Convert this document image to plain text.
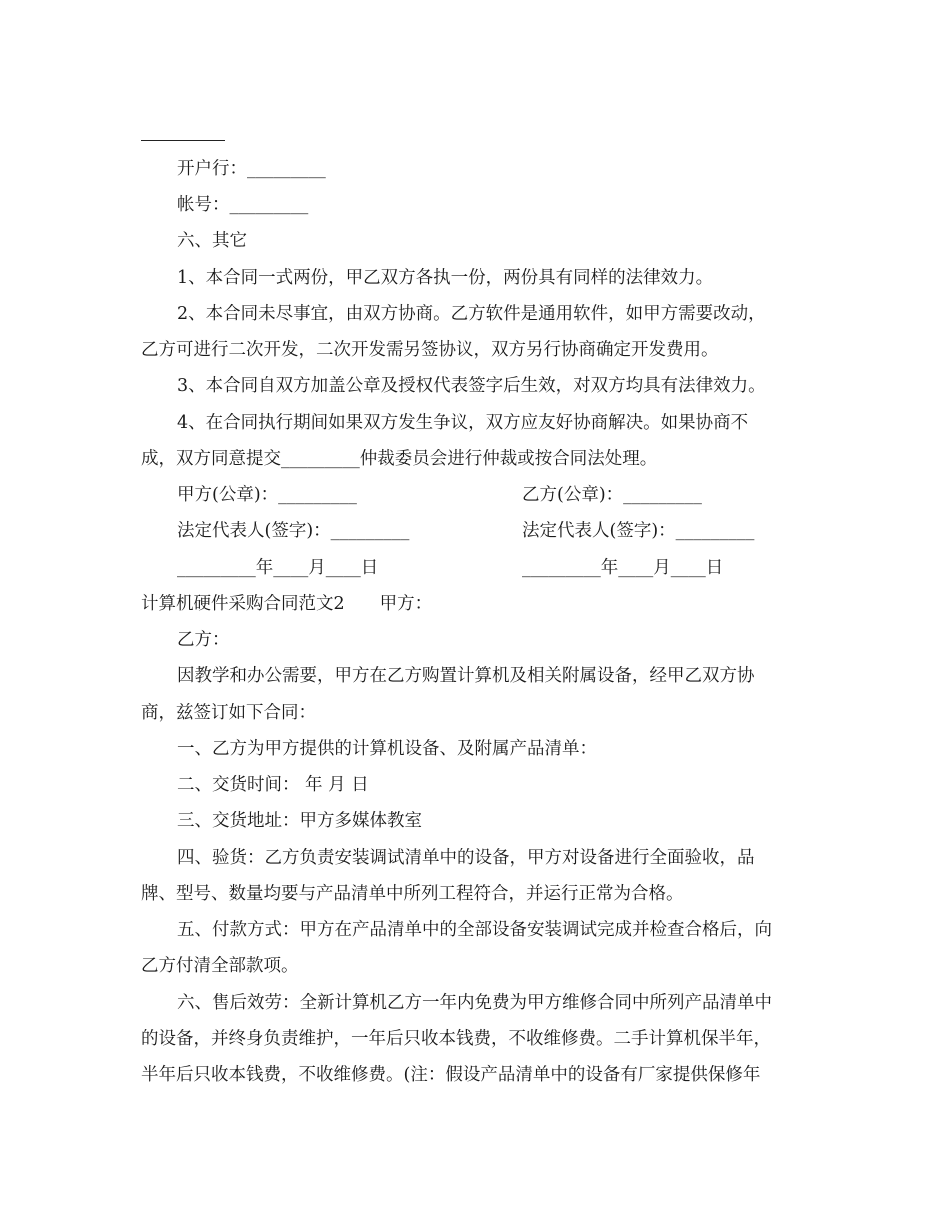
开户行：_________
帐号：_________
六、其它
1、本合同一式两份，甲乙双方各执一份，两份具有同样的法律效力。
2、本合同未尽事宜，由双方协商。乙方软件是通用软件，如甲方需要改动，
乙方可进行二次开发，二次开发需另签协议，双方另行协商确定开发费用。
3、本合同自双方加盖公章及授权代表签字后生效，对双方均具有法律效力。
4、在合同执行期间如果双方发生争议，双方应友好协商解决。如果协商不
成，双方同意提交_________仲裁委员会进行仲裁或按合同法处理。
甲方(公章)：_________	乙方(公章)：_________
法定代表人(签字)：_________	法定代表人(签字)：_________
_________年____月____日	_________年____月____日
计算机硬件采购合同范文2　　甲方：
乙方：
因教学和办公需要，甲方在乙方购置计算机及相关附属设备，经甲乙双方协
商，兹签订如下合同：
一、乙方为甲方提供的计算机设备、及附属产品清单：
二、交货时间： 年 月 日
三、交货地址：甲方多媒体教室
四、验货：乙方负责安装调试清单中的设备，甲方对设备进行全面验收，品
牌、型号、数量均要与产品清单中所列工程符合，并运行正常为合格。
五、付款方式：甲方在产品清单中的全部设备安装调试完成并检查合格后，向
乙方付清全部款项。
六、售后效劳：全新计算机乙方一年内免费为甲方维修合同中所列产品清单中
的设备，并终身负责维护，一年后只收本钱费，不收维修费。二手计算机保半年，
半年后只收本钱费，不收维修费。(注：假设产品清单中的设备有厂家提供保修年
